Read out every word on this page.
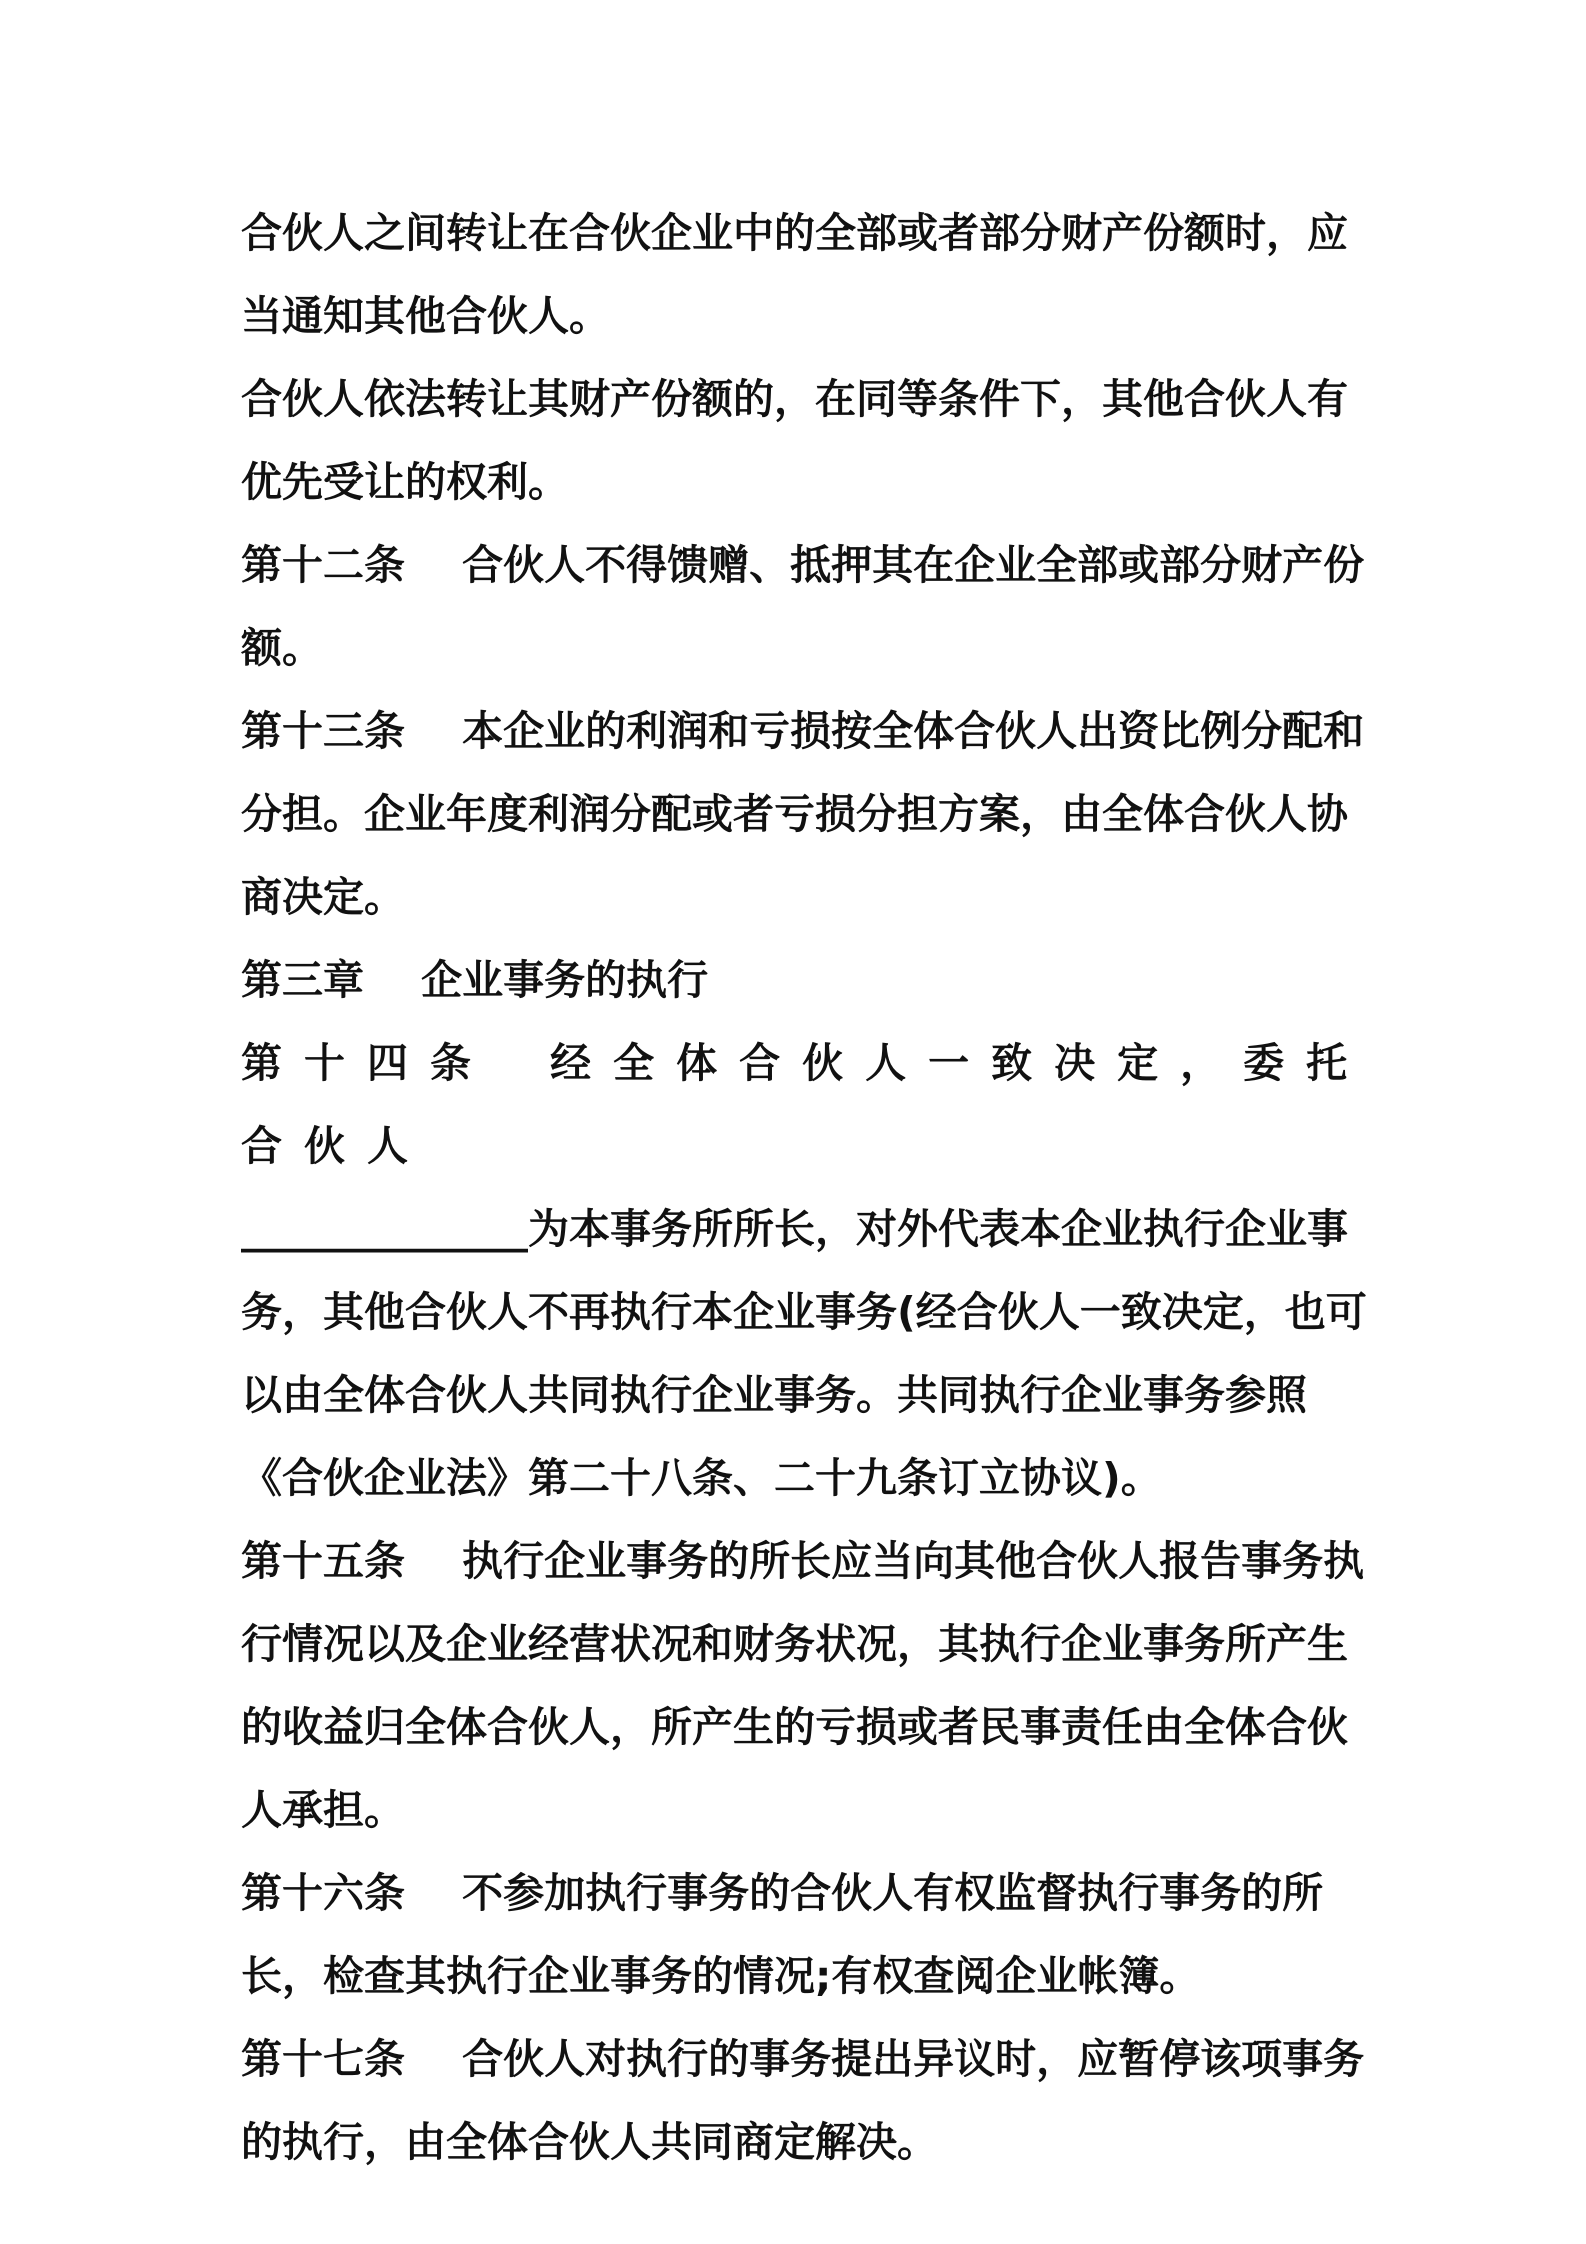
合伙人之间转让在合伙企业中的全部或者部分财产份额时，应当通知其他合伙人。

合伙人依法转让其财产份额的，在同等条件下，其他合伙人有优先受让的权利。

第十二条 合伙人不得馈赠、抵押其在企业全部或部分财产份额。

第十三条 本企业的利润和亏损按全体合伙人出资比例分配和分担。企业年度利润分配或者亏损分担方案，由全体合伙人协商决定。

第三章 企业事务的执行

第十四条 经全体合伙人一致决定，委托合伙人
______________为本事务所所长，对外代表本企业执行企业事务，其他合伙人不再执行本企业事务(经合伙人一致决定，也可以由全体合伙人共同执行企业事务。共同执行企业事务参照《合伙企业法》第二十八条、二十九条订立协议)。

第十五条 执行企业事务的所长应当向其他合伙人报告事务执行情况以及企业经营状况和财务状况，其执行企业事务所产生的收益归全体合伙人，所产生的亏损或者民事责任由全体合伙人承担。

第十六条 不参加执行事务的合伙人有权监督执行事务的所长，检查其执行企业事务的情况;有权查阅企业帐簿。

第十七条 合伙人对执行的事务提出异议时，应暂停该项事务的执行，由全体合伙人共同商定解决。
